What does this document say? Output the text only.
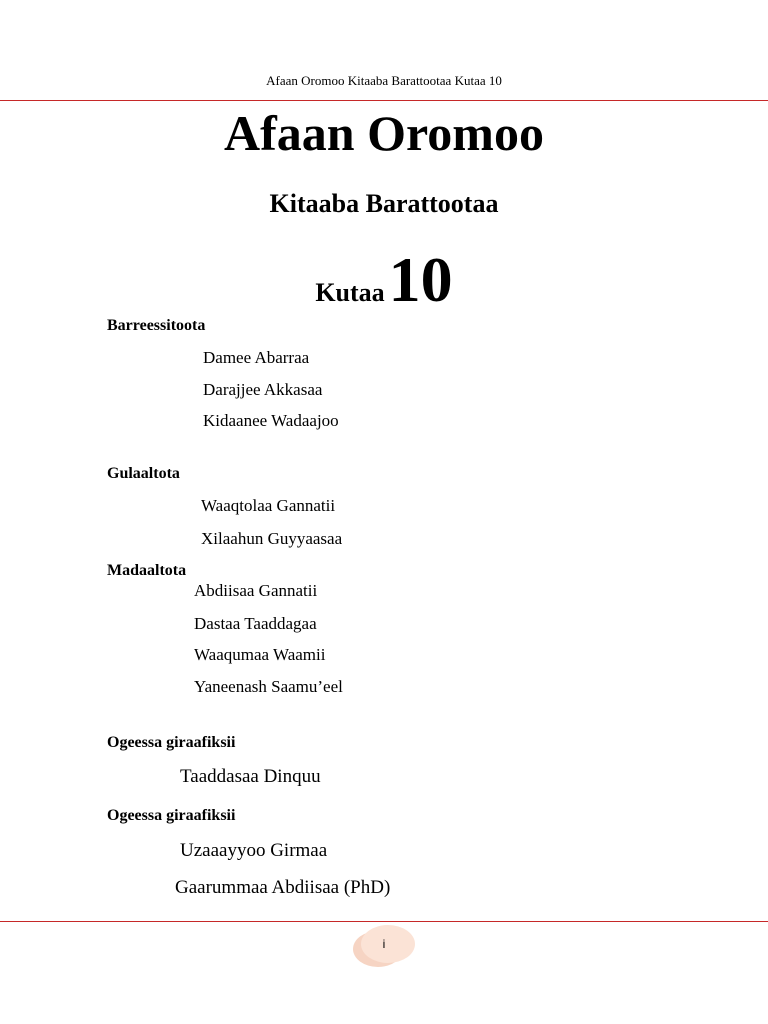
Afaan Oromoo Kitaaba Barattootaa Kutaa 10
Afaan Oromoo
Kitaaba Barattootaa
Kutaa 10
Barreessitoota
Damee Abarraa
Darajjee Akkasaa
Kidaanee Wadaajoo
Gulaaltota
Waaqtolaa Gannatii
Xilaahun Guyyaasaa
Madaaltota
Abdiisaa Gannatii
Dastaa Taaddagaa
Waaqumaa Waamii
Yaneenash Saamu’eel
Ogeessa giraafiksii
Taaddasaa Dinquu
Ogeessa giraafiksii
Uzaaayyoo Girmaa
Gaarummaa Abdiisaa (PhD)
i
